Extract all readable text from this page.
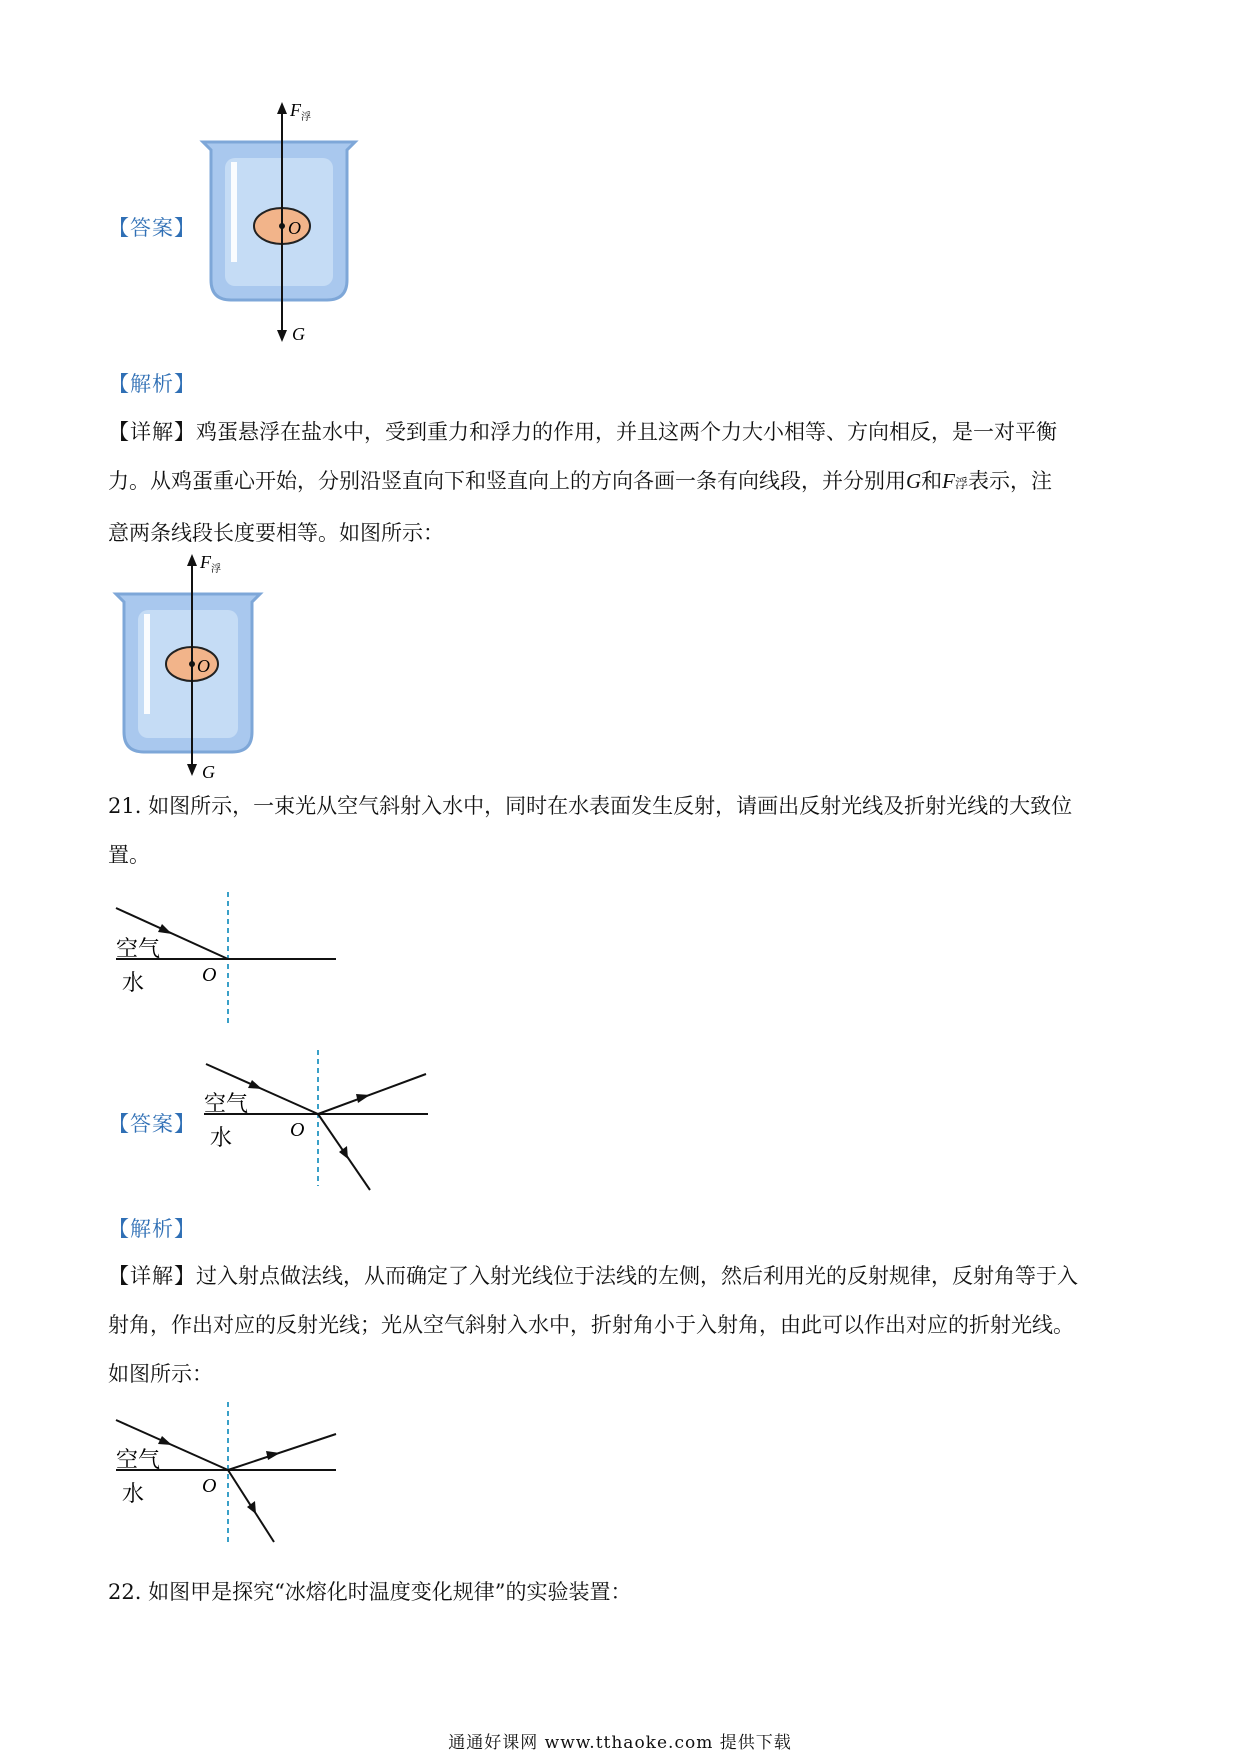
【答案】	O
F 浮
G
【解析】
【详解】鸡蛋悬浮在盐水中，受到重力和浮力的作用，并且这两个力大小相等、方向相反，是一对平衡
力。从鸡蛋重心开始，分别沿竖直向下和竖直向上的方向各画一条有向线段，并分别用G和F浮表示，注
意两条线段长度要相等。如图所示：
O
F 浮
G
21. 如图所示，一束光从空气斜射入水中，同时在水表面发生反射，请画出反射光线及折射光线的大致位
置。
空气
水	O
【答案】
空气
水	O
【解析】
【详解】过入射点做法线，从而确定了入射光线位于法线的左侧，然后利用光的反射规律，反射角等于入
射角，作出对应的反射光线；光从空气斜射入水中，折射角小于入射角，由此可以作出对应的折射光线。
如图所示：
空气
水	O
22. 如图甲是探究“冰熔化时温度变化规律”的实验装置：
通通好课网 www.tthaoke.com 提供下载
